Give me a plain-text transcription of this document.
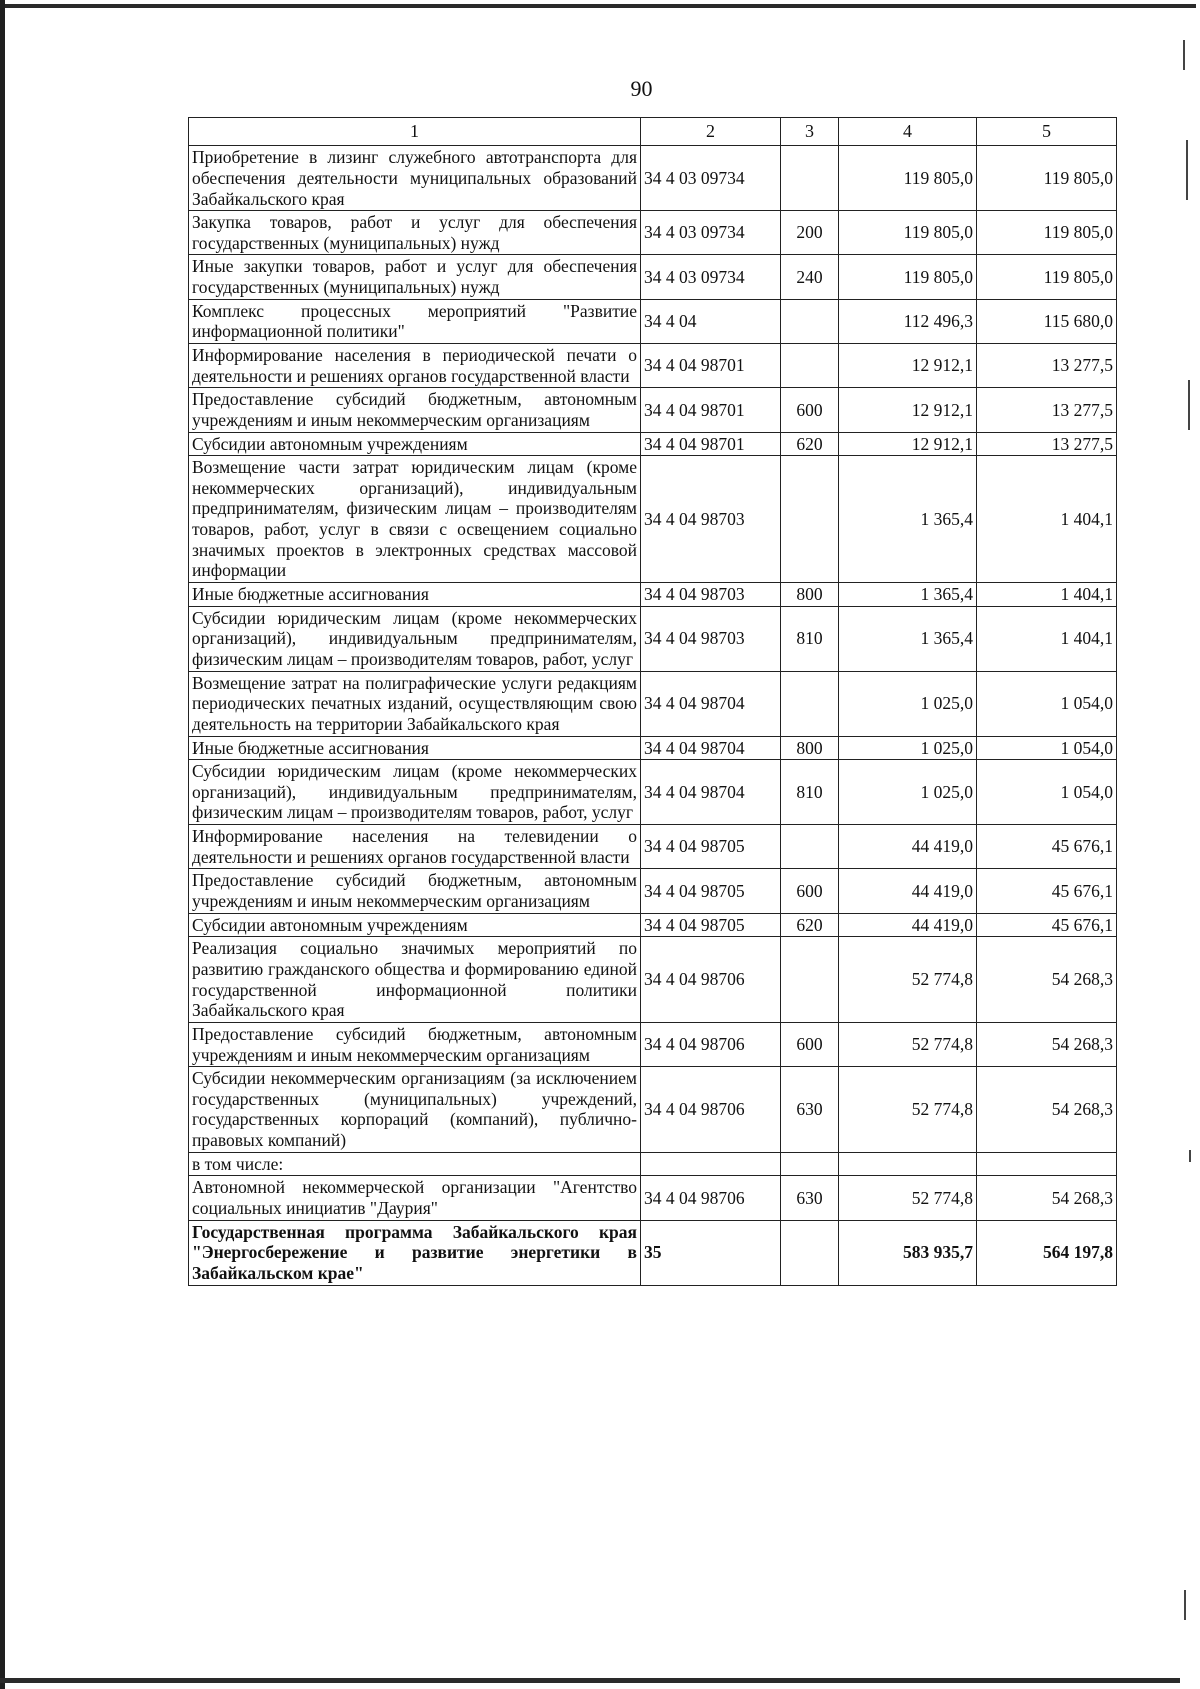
90
1	2	3	4	5
Приобретение в лизинг служебного автотранспорта для обеспечения деятельности муниципальных образований Забайкальского края	34 4 03 09734		119 805,0	119 805,0
Закупка товаров, работ и услуг для обеспечения государственных (муниципальных) нужд	34 4 03 09734	200	119 805,0	119 805,0
Иные закупки товаров, работ и услуг для обеспечения государственных (муниципальных) нужд	34 4 03 09734	240	119 805,0	119 805,0
Комплекс процессных мероприятий "Развитие информационной политики"	34 4 04		112 496,3	115 680,0
Информирование населения в периодической печати о деятельности и решениях органов государственной власти	34 4 04 98701		12 912,1	13 277,5
Предоставление субсидий бюджетным, автономным учреждениям и иным некоммерческим организациям	34 4 04 98701	600	12 912,1	13 277,5
Субсидии автономным учреждениям	34 4 04 98701	620	12 912,1	13 277,5
Возмещение части затрат юридическим лицам (кроме некоммерческих организаций), индивидуальным предпринимателям, физическим лицам – производителям товаров, работ, услуг в связи с освещением социально значимых проектов в электронных средствах массовой информации	34 4 04 98703		1 365,4	1 404,1
Иные бюджетные ассигнования	34 4 04 98703	800	1 365,4	1 404,1
Субсидии юридическим лицам (кроме некоммерческих организаций), индивидуальным предпринимателям, физическим лицам – производителям товаров, работ, услуг	34 4 04 98703	810	1 365,4	1 404,1
Возмещение затрат на полиграфические услуги редакциям периодических печатных изданий, осуществляющим свою деятельность на территории Забайкальского края	34 4 04 98704		1 025,0	1 054,0
Иные бюджетные ассигнования	34 4 04 98704	800	1 025,0	1 054,0
Субсидии юридическим лицам (кроме некоммерческих организаций), индивидуальным предпринимателям, физическим лицам – производителям товаров, работ, услуг	34 4 04 98704	810	1 025,0	1 054,0
Информирование населения на телевидении о деятельности и решениях органов государственной власти	34 4 04 98705		44 419,0	45 676,1
Предоставление субсидий бюджетным, автономным учреждениям и иным некоммерческим организациям	34 4 04 98705	600	44 419,0	45 676,1
Субсидии автономным учреждениям	34 4 04 98705	620	44 419,0	45 676,1
Реализация социально значимых мероприятий по развитию гражданского общества и формированию единой государственной информационной политики Забайкальского края	34 4 04 98706		52 774,8	54 268,3
Предоставление субсидий бюджетным, автономным учреждениям и иным некоммерческим организациям	34 4 04 98706	600	52 774,8	54 268,3
Субсидии некоммерческим организациям (за исключением государственных (муниципальных) учреждений, государственных корпораций (компаний), публично-правовых компаний)	34 4 04 98706	630	52 774,8	54 268,3
в том числе:				
Автономной некоммерческой организации "Агентство социальных инициатив "Даурия"	34 4 04 98706	630	52 774,8	54 268,3
Государственная программа Забайкальского края "Энергосбережение и развитие энергетики в Забайкальском крае"	35		583 935,7	564 197,8
